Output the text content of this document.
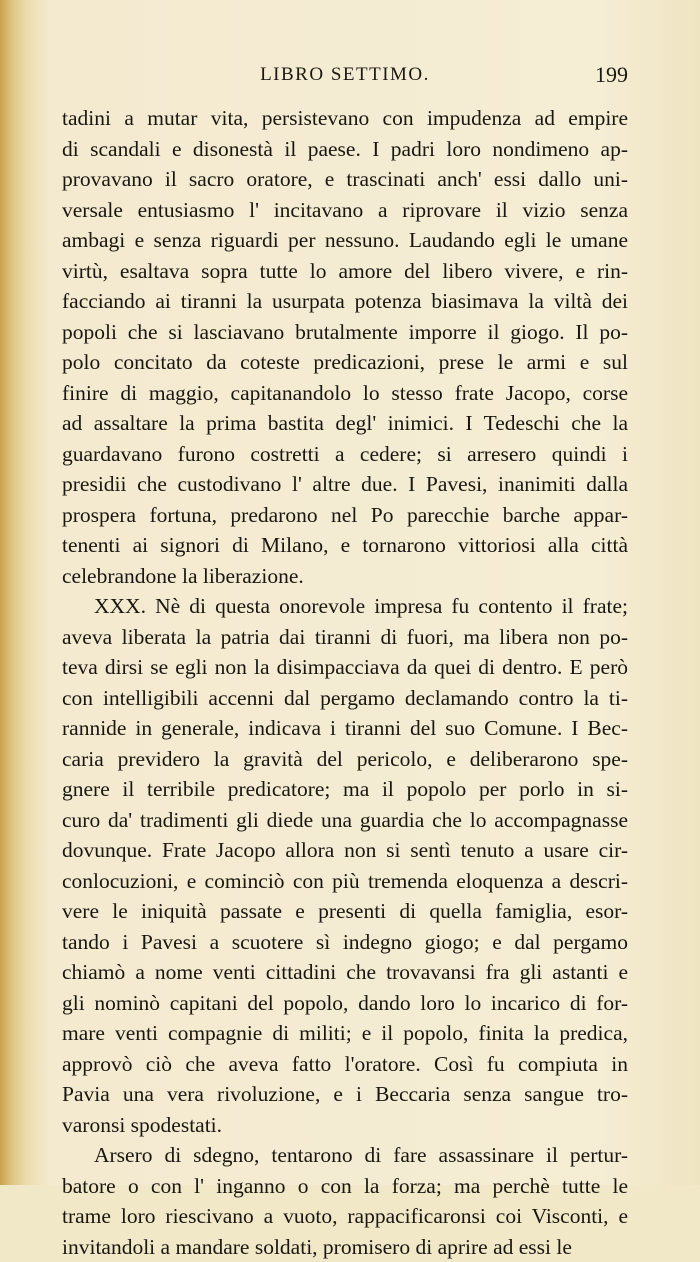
LIBRO SETTIMO.	199
tadini a mutar vita, persistevano con impudenza ad empire
di scandali e disonestà il paese. I padri loro nondimeno ap-
provavano il sacro oratore, e trascinati anch' essi dallo uni-
versale entusiasmo l' incitavano a riprovare il vizio senza
ambagi e senza riguardi per nessuno. Laudando egli le umane
virtù, esaltava sopra tutte lo amore del libero vivere, e rin-
facciando ai tiranni la usurpata potenza biasimava la viltà dei
popoli che si lasciavano brutalmente imporre il giogo. Il po-
polo concitato da coteste predicazioni, prese le armi e sul
finire di maggio, capitanandolo lo stesso frate Jacopo, corse
ad assaltare la prima bastita degl' inimici. I Tedeschi che la
guardavano furono costretti a cedere; si arresero quindi i
presidii che custodivano l' altre due. I Pavesi, inanimiti dalla
prospera fortuna, predarono nel Po parecchie barche appar-
tenenti ai signori di Milano, e tornarono vittoriosi alla città
celebrandone la liberazione.
XXX. Nè di questa onorevole impresa fu contento il frate;
aveva liberata la patria dai tiranni di fuori, ma libera non po-
teva dirsi se egli non la disimpacciava da quei di dentro. E però
con intelligibili accenni dal pergamo declamando contro la ti-
rannide in generale, indicava i tiranni del suo Comune. I Bec-
caria previdero la gravità del pericolo, e deliberarono spe-
gnere il terribile predicatore; ma il popolo per porlo in si-
curo da' tradimenti gli diede una guardia che lo accompagnasse
dovunque. Frate Jacopo allora non si sentì tenuto a usare cir-
conlocuzioni, e cominciò con più tremenda eloquenza a descri-
vere le iniquità passate e presenti di quella famiglia, esor-
tando i Pavesi a scuotere sì indegno giogo; e dal pergamo
chiamò a nome venti cittadini che trovavansi fra gli astanti e
gli nominò capitani del popolo, dando loro lo incarico di for-
mare venti compagnie di militi; e il popolo, finita la predica,
approvò ciò che aveva fatto l'oratore. Così fu compiuta in
Pavia una vera rivoluzione, e i Beccaria senza sangue tro-
varonsi spodestati.
Arsero di sdegno, tentarono di fare assassinare il pertur-
batore o con l' inganno o con la forza; ma perchè tutte le
trame loro riescivano a vuoto, rappacificaronsi coi Visconti, e
invitandoli a mandare soldati, promisero di aprire ad essi le
